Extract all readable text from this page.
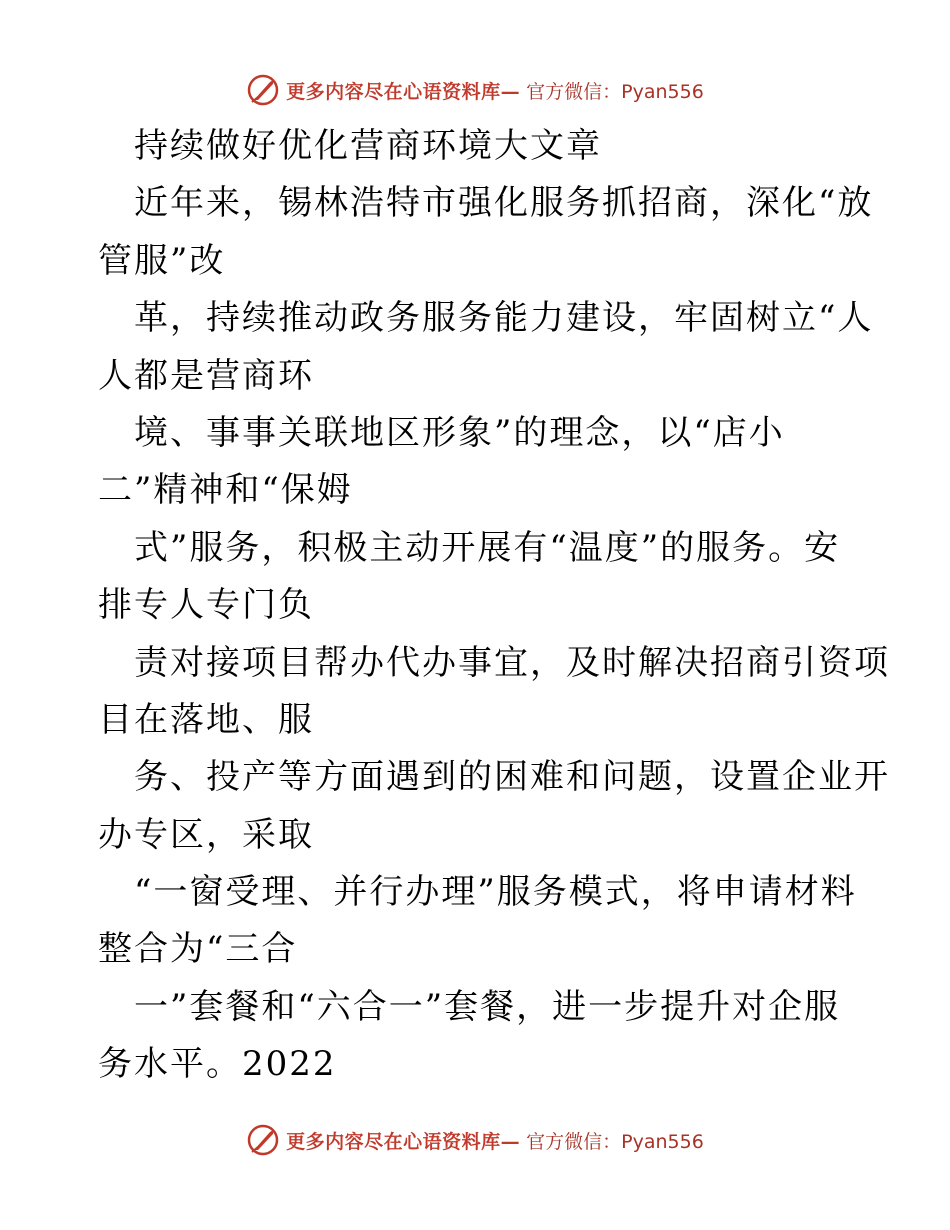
更多内容尽在心语资料库— 官方微信：Pyan556
持续做好优化营商环境大文章
近年来，锡林浩特市强化服务抓招商，深化“放
管服”改
革，持续推动政务服务能力建设，牢固树立“人
人都是营商环
境、事事关联地区形象”的理念，以“店小
二”精神和“保姆
式”服务，积极主动开展有“温度”的服务。安
排专人专门负
责对接项目帮办代办事宜，及时解决招商引资项
目在落地、服
务、投产等方面遇到的困难和问题，设置企业开
办专区，采取
“一窗受理、并行办理”服务模式，将申请材料
整合为“三合
一”套餐和“六合一”套餐，进一步提升对企服
务水平。2022
更多内容尽在心语资料库— 官方微信：Pyan556
